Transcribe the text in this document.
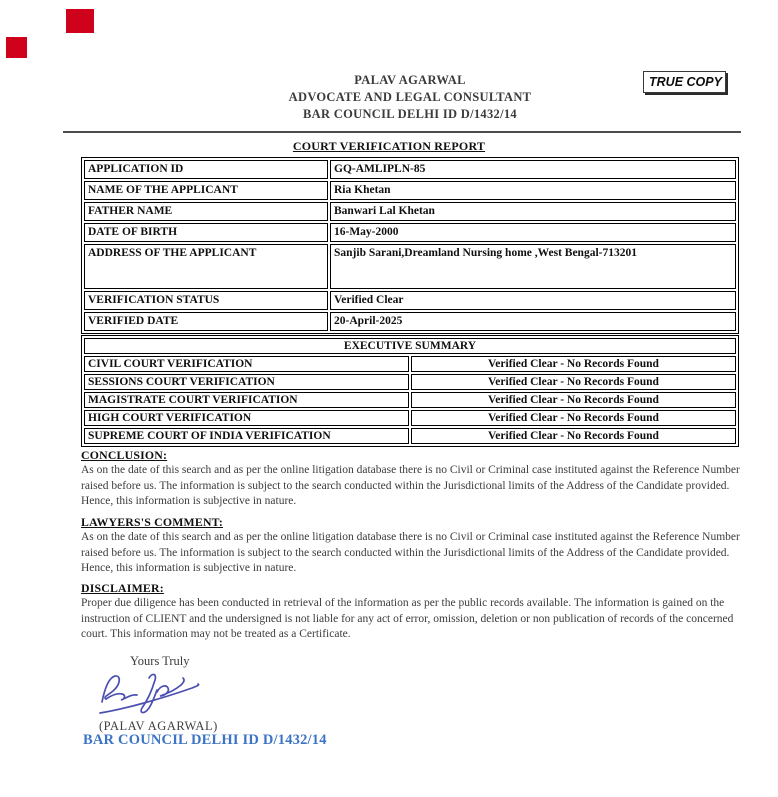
PALAV AGARWAL
ADVOCATE AND LEGAL CONSULTANT
BAR COUNCIL DELHI ID D/1432/14
TRUE COPY
COURT VERIFICATION REPORT
APPLICATION ID	GQ-AMLIPLN-85
NAME OF THE APPLICANT	Ria Khetan
FATHER NAME	Banwari Lal Khetan
DATE OF BIRTH	16-May-2000
ADDRESS OF THE APPLICANT	Sanjib Sarani,Dreamland Nursing home ,West Bengal-713201
VERIFICATION STATUS	Verified Clear
VERIFIED DATE	20-April-2025
EXECUTIVE SUMMARY	
CIVIL COURT VERIFICATION	Verified Clear - No Records Found
SESSIONS COURT VERIFICATION	Verified Clear - No Records Found
MAGISTRATE COURT VERIFICATION	Verified Clear - No Records Found
HIGH COURT VERIFICATION	Verified Clear - No Records Found
SUPREME COURT OF INDIA VERIFICATION	Verified Clear - No Records Found
CONCLUSION:
As on the date of this search and as per the online litigation database there is no Civil or Criminal case instituted against the Reference Number raised before us. The information is subject to the search conducted within the Jurisdictional limits of the Address of the Candidate provided. Hence, this information is subjective in nature.
LAWYERS'S COMMENT:
As on the date of this search and as per the online litigation database there is no Civil or Criminal case instituted against the Reference Number raised before us. The information is subject to the search conducted within the Jurisdictional limits of the Address of the Candidate provided. Hence, this information is subjective in nature.
DISCLAIMER:
Proper due diligence has been conducted in retrieval of the information as per the public records available. The information is gained on the instruction of CLIENT and the undersigned is not liable for any act of error, omission, deletion or non publication of records of the concerned court. This information may not be treated as a Certificate.
Yours Truly
(PALAV AGARWAL)
BAR COUNCIL DELHI ID D/1432/14
